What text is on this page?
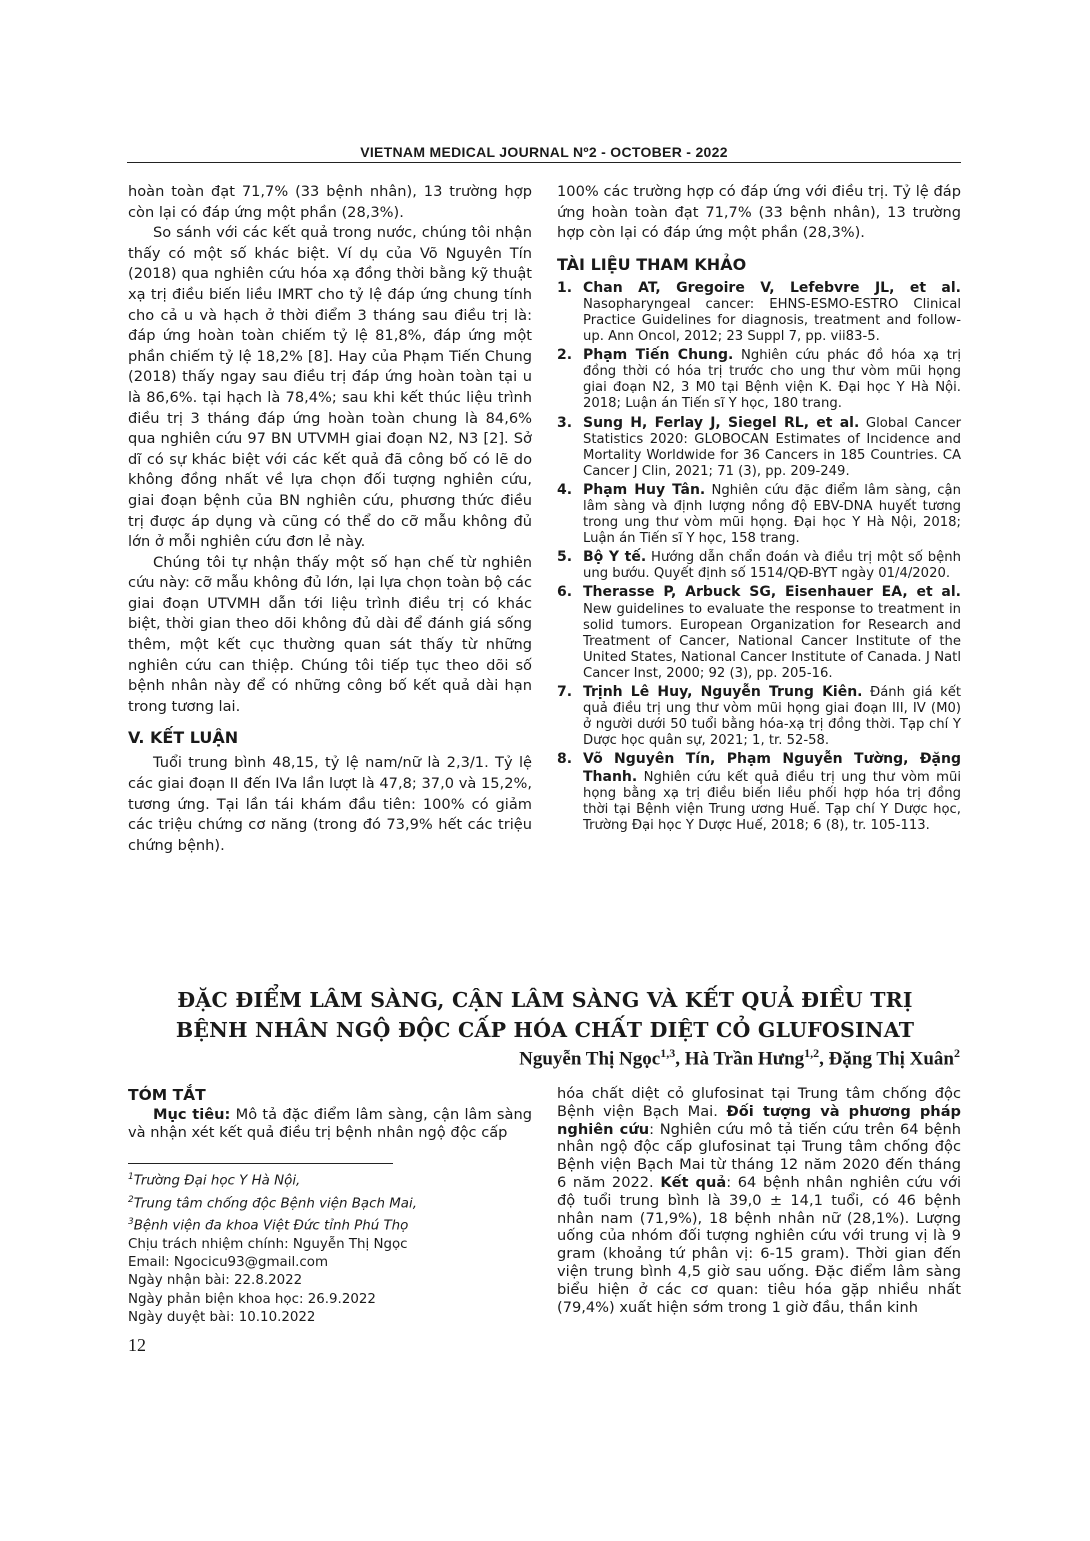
VIETNAM MEDICAL JOURNAL Nº2 - OCTOBER - 2022

hoàn toàn đạt 71,7% (33 bệnh nhân), 13 trường hợp còn lại có đáp ứng một phần (28,3%).

So sánh với các kết quả trong nước, chúng tôi nhận thấy có một số khác biệt. Ví dụ của Võ Nguyên Tín (2018) qua nghiên cứu hóa xạ đồng thời bằng kỹ thuật xạ trị điều biến liều IMRT cho tỷ lệ đáp ứng chung tính cho cả u và hạch ở thời điểm 3 tháng sau điều trị là: đáp ứng hoàn toàn chiếm tỷ lệ 81,8%, đáp ứng một phần chiếm tỷ lệ 18,2% [8]. Hay của Phạm Tiến Chung (2018) thấy ngay sau điều trị đáp ứng hoàn toàn tại u là 86,6%. tại hạch là 78,4%; sau khi kết thúc liệu trình điều trị 3 tháng đáp ứng hoàn toàn chung là 84,6% qua nghiên cứu 97 BN UTVMH giai đoạn N2, N3 [2]. Sở dĩ có sự khác biệt với các kết quả đã công bố có lẽ do không đồng nhất về lựa chọn đối tượng nghiên cứu, giai đoạn bệnh của BN nghiên cứu, phương thức điều trị được áp dụng và cũng có thể do cỡ mẫu không đủ lớn ở mỗi nghiên cứu đơn lẻ này.

Chúng tôi tự nhận thấy một số hạn chế từ nghiên cứu này: cỡ mẫu không đủ lớn, lại lựa chọn toàn bộ các giai đoạn UTVMH dẫn tới liệu trình điều trị có khác biệt, thời gian theo dõi không đủ dài để đánh giá sống thêm, một kết cục thường quan sát thấy từ những nghiên cứu can thiệp. Chúng tôi tiếp tục theo dõi số bệnh nhân này để có những công bố kết quả dài hạn trong tương lai.

V. KẾT LUẬN

Tuổi trung bình 48,15, tỷ lệ nam/nữ là 2,3/1. Tỷ lệ các giai đoạn II đến IVa lần lượt là 47,8; 37,0 và 15,2%, tương ứng. Tại lần tái khám đầu tiên: 100% có giảm các triệu chứng cơ năng (trong đó 73,9% hết các triệu chứng bệnh).

100% các trường hợp có đáp ứng với điều trị. Tỷ lệ đáp ứng hoàn toàn đạt 71,7% (33 bệnh nhân), 13 trường hợp còn lại có đáp ứng một phần (28,3%).

TÀI LIỆU THAM KHẢO
1. Chan AT, Gregoire V, Lefebvre JL, et al. Nasopharyngeal cancer: EHNS-ESMO-ESTRO Clinical Practice Guidelines for diagnosis, treatment and follow-up. Ann Oncol, 2012; 23 Suppl 7, pp. vii83-5.
2. Phạm Tiến Chung. Nghiên cứu phác đồ hóa xạ trị đồng thời có hóa trị trước cho ung thư vòm mũi họng giai đoạn N2, 3 M0 tại Bệnh viện K. Đại học Y Hà Nội. 2018; Luận án Tiến sĩ Y học, 180 trang.
3. Sung H, Ferlay J, Siegel RL, et al. Global Cancer Statistics 2020: GLOBOCAN Estimates of Incidence and Mortality Worldwide for 36 Cancers in 185 Countries. CA Cancer J Clin, 2021; 71 (3), pp. 209-249.
4. Phạm Huy Tân. Nghiên cứu đặc điểm lâm sàng, cận lâm sàng và định lượng nồng độ EBV-DNA huyết tương trong ung thư vòm mũi họng. Đại học Y Hà Nội, 2018; Luận án Tiến sĩ Y học, 158 trang.
5. Bộ Y tế. Hướng dẫn chẩn đoán và điều trị một số bệnh ung bướu. Quyết định số 1514/QĐ-BYT ngày 01/4/2020.
6. Therasse P, Arbuck SG, Eisenhauer EA, et al. New guidelines to evaluate the response to treatment in solid tumors. European Organization for Research and Treatment of Cancer, National Cancer Institute of the United States, National Cancer Institute of Canada. J Natl Cancer Inst, 2000; 92 (3), pp. 205-16.
7. Trịnh Lê Huy, Nguyễn Trung Kiên. Đánh giá kết quả điều trị ung thư vòm mũi họng giai đoạn III, IV (M0) ở người dưới 50 tuổi bằng hóa-xạ trị đồng thời. Tạp chí Y Dược học quân sự, 2021; 1, tr. 52-58.
8. Võ Nguyên Tín, Phạm Nguyễn Tường, Đặng Thanh. Nghiên cứu kết quả điều trị ung thư vòm mũi họng bằng xạ trị điều biến liều phối hợp hóa trị đồng thời tại Bệnh viện Trung ương Huế. Tạp chí Y Dược học, Trường Đại học Y Dược Huế, 2018; 6 (8), tr. 105-113.
ĐẶC ĐIỂM LÂM SÀNG, CẬN LÂM SÀNG VÀ KẾT QUẢ ĐIỀU TRỊ
BỆNH NHÂN NGỘ ĐỘC CẤP HÓA CHẤT DIỆT CỎ GLUFOSINAT
Nguyễn Thị Ngọc$^{1,3}$, Hà Trần Hưng$^{1,2}$, Đặng Thị Xuân$^2$
TÓM TẮT
Mục tiêu: Mô tả đặc điểm lâm sàng, cận lâm sàng và nhận xét kết quả điều trị bệnh nhân ngộ độc cấp
$^1$Trường Đại học Y Hà Nội,
$^2$Trung tâm chống độc Bệnh viện Bạch Mai,
$^3$Bệnh viện đa khoa Việt Đức tỉnh Phú Thọ
Chịu trách nhiệm chính: Nguyễn Thị Ngọc
Email: Ngocicu93@gmail.com
Ngày nhận bài: 22.8.2022
Ngày phản biện khoa học: 26.9.2022
Ngày duyệt bài: 10.10.2022
hóa chất diệt cỏ glufosinat tại Trung tâm chống độc Bệnh viện Bạch Mai. Đối tượng và phương pháp nghiên cứu: Nghiên cứu mô tả tiến cứu trên 64 bệnh nhân ngộ độc cấp glufosinat tại Trung tâm chống độc Bệnh viện Bạch Mai từ tháng 12 năm 2020 đến tháng 6 năm 2022. Kết quả: 64 bệnh nhân nghiên cứu với độ tuổi trung bình là 39,0 ± 14,1 tuổi, có 46 bệnh nhân nam (71,9%), 18 bệnh nhân nữ (28,1%). Lượng uống của nhóm đối tượng nghiên cứu với trung vị là 9 gram (khoảng tứ phân vị: 6-15 gram). Thời gian đến viện trung bình 4,5 giờ sau uống. Đặc điểm lâm sàng biểu hiện ở các cơ quan: tiêu hóa gặp nhiều nhất (79,4%) xuất hiện sớm trong 1 giờ đầu, thần kinh
12
